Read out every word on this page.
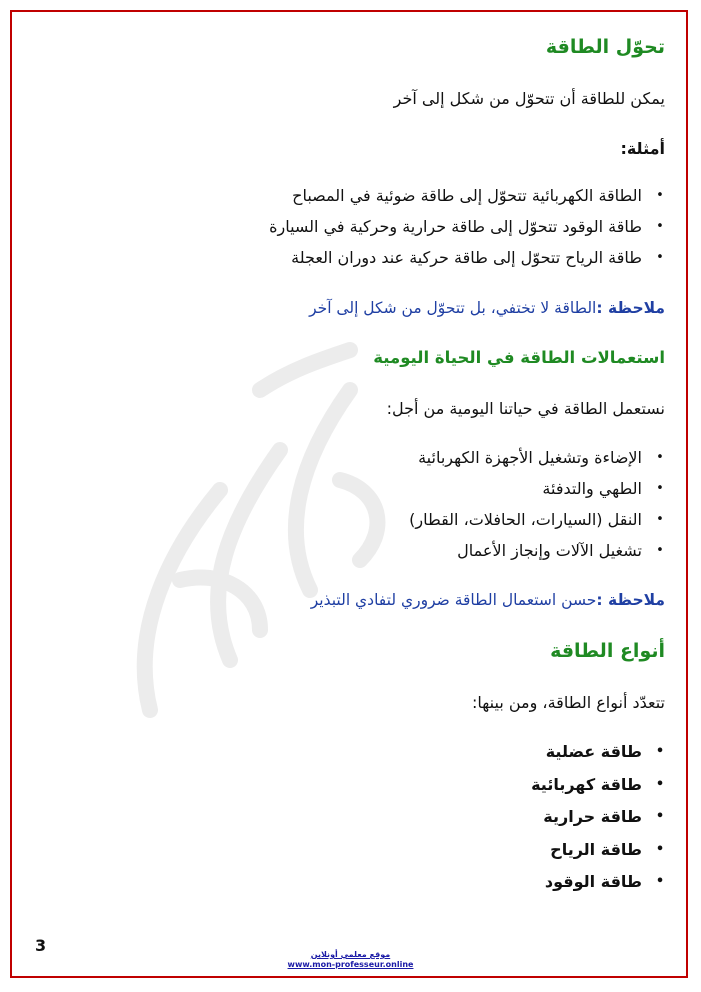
تحوّل الطاقة
يمكن للطاقة أن تتحوّل من شكل إلى آخر
أمثلة:
•
الطاقة الكهربائية تتحوّل إلى طاقة ضوئية في المصباح
•
طاقة الوقود تتحوّل إلى طاقة حرارية وحركية في السيارة
•
طاقة الرياح تتحوّل إلى طاقة حركية عند دوران العجلة
ملاحظة :الطاقة لا تختفي، بل تتحوّل من شكل إلى آخر
استعمالات الطاقة في الحياة اليومية
نستعمل الطاقة في حياتنا اليومية من أجل:
•
الإضاءة وتشغيل الأجهزة الكهربائية
•
الطهي والتدفئة
•
النقل (السيارات، الحافلات، القطار)
•
تشغيل الآلات وإنجاز الأعمال
ملاحظة :حسن استعمال الطاقة ضروري لتفادي التبذير
أنواع الطاقة
تتعدّد أنواع الطاقة، ومن بينها:
•
طاقة عضلية
•
طاقة كهربائية
•
طاقة حرارية
•
طاقة الرياح
•
طاقة الوقود
3	موقع معلمي أونلاين
www.mon-professeur.online
